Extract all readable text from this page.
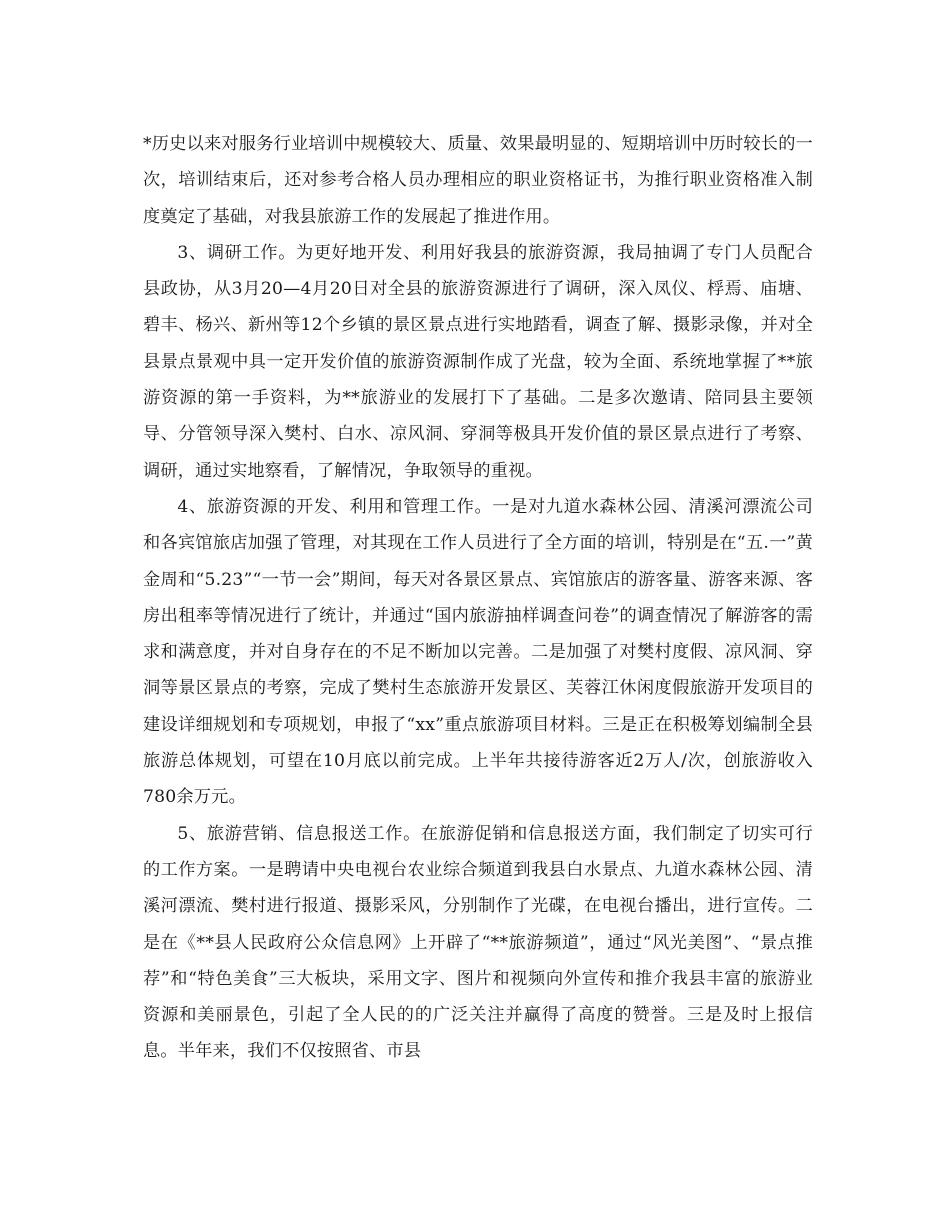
*历史以来对服务行业培训中规模较大、质量、效果最明显的、短期培训中历时较长的一次，培训结束后，还对参考合格人员办理相应的职业资格证书，为推行职业资格准入制度奠定了基础，对我县旅游工作的发展起了推进作用。

3、调研工作。为更好地开发、利用好我县的旅游资源，我局抽调了专门人员配合县政协，从3月20—4月20日对全县的旅游资源进行了调研，深入凤仪、桴焉、庙塘、碧丰、杨兴、新州等12个乡镇的景区景点进行实地踏看，调查了解、摄影录像，并对全县景点景观中具一定开发价值的旅游资源制作成了光盘，较为全面、系统地掌握了**旅游资源的第一手资料，为**旅游业的发展打下了基础。二是多次邀请、陪同县主要领导、分管领导深入樊村、白水、凉风洞、穿洞等极具开发价值的景区景点进行了考察、调研，通过实地察看，了解情况，争取领导的重视。

4、旅游资源的开发、利用和管理工作。一是对九道水森林公园、清溪河漂流公司和各宾馆旅店加强了管理，对其现在工作人员进行了全方面的培训，特别是在“五.一”黄金周和“5.23”“一节一会”期间，每天对各景区景点、宾馆旅店的游客量、游客来源、客房出租率等情况进行了统计，并通过“国内旅游抽样调查问卷”的调查情况了解游客的需求和满意度，并对自身存在的不足不断加以完善。二是加强了对樊村度假、凉风洞、穿洞等景区景点的考察，完成了樊村生态旅游开发景区、芙蓉江休闲度假旅游开发项目的建设详细规划和专项规划，申报了“xx”重点旅游项目材料。三是正在积极筹划编制全县旅游总体规划，可望在10月底以前完成。上半年共接待游客近2万人/次，创旅游收入780余万元。

5、旅游营销、信息报送工作。在旅游促销和信息报送方面，我们制定了切实可行的工作方案。一是聘请中央电视台农业综合频道到我县白水景点、九道水森林公园、清溪河漂流、樊村进行报道、摄影采风，分别制作了光碟，在电视台播出，进行宣传。二是在《**县人民政府公众信息网》上开辟了“**旅游频道”，通过“风光美图”、“景点推荐”和“特色美食”三大板块，采用文字、图片和视频向外宣传和推介我县丰富的旅游业资源和美丽景色，引起了全人民的的广泛关注并赢得了高度的赞誉。三是及时上报信息。半年来，我们不仅按照省、市县
